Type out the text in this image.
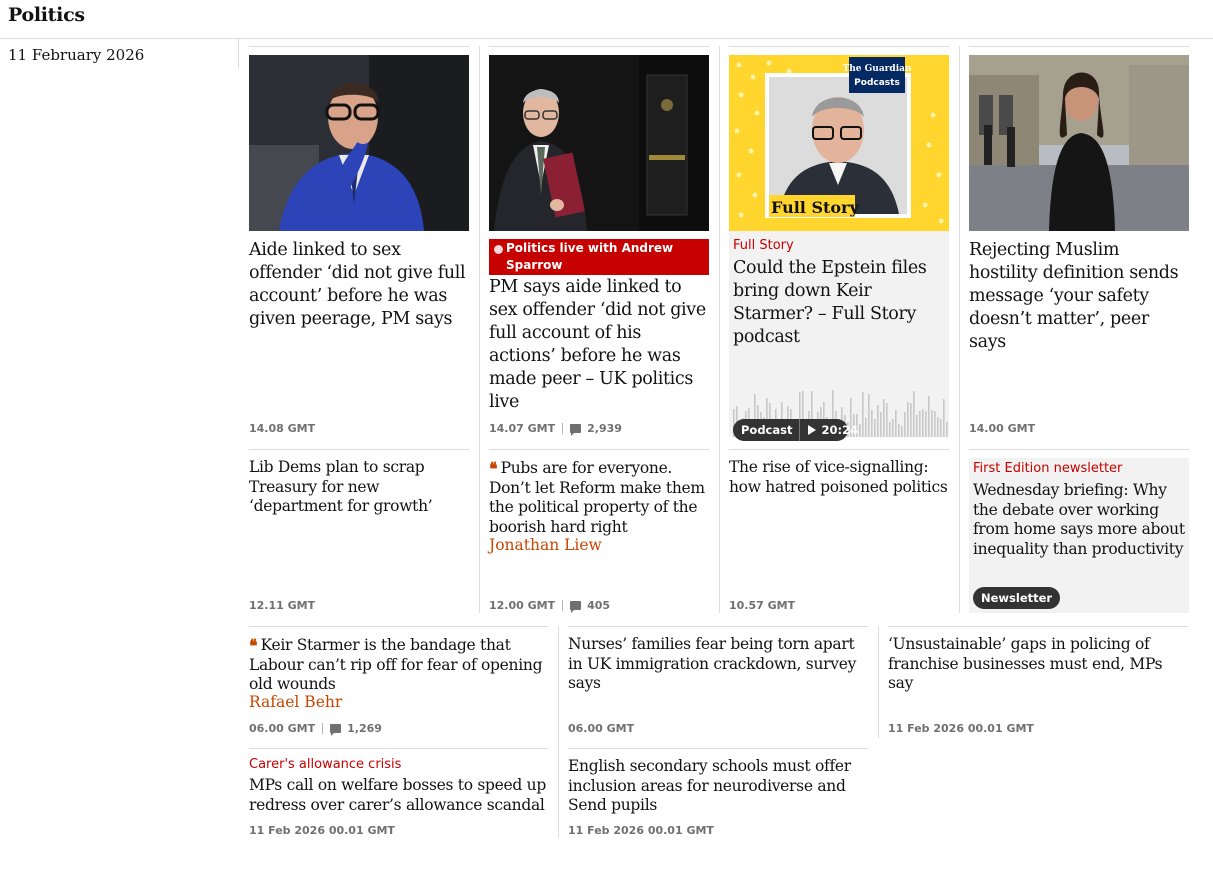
Politics
11 February 2026
Aide linked to sex offender ‘did not give full account’ before he was given peerage, PM says
14.08 GMT
Politics live with Andrew Sparrow
PM says aide linked to sex offender ‘did not give full account of his actions’ before he was made peer – UK politics live
14.07 GMT	2,939
Full Story
The Guardian
Podcasts
Full Story
Could the Epstein files bring down Keir Starmer? – Full Story podcast
Podcast	20:24
Rejecting Muslim hostility definition sends message ‘your safety doesn’t matter’, peer says
14.00 GMT
Lib Dems plan to scrap Treasury for new ‘department for growth’
12.11 GMT
❛❛ Pubs are for everyone. Don’t let Reform make them the political property of the boorish hard right
Jonathan Liew
12.00 GMT	405
The rise of vice-signalling: how hatred poisoned politics
10.57 GMT
First Edition newsletter
Wednesday briefing: Why the debate over working from home says more about inequality than productivity
Newsletter
❛❛ Keir Starmer is the bandage that Labour can’t rip off for fear of opening old wounds
Rafael Behr
06.00 GMT	1,269
Nurses’ families fear being torn apart in UK immigration crackdown, survey says
06.00 GMT
‘Unsustainable’ gaps in policing of franchise businesses must end, MPs say
11 Feb 2026 00.01 GMT
Carer's allowance crisis
MPs call on welfare bosses to speed up redress over carer’s allowance scandal
11 Feb 2026 00.01 GMT
English secondary schools must offer inclusion areas for neurodiverse and Send pupils
11 Feb 2026 00.01 GMT
